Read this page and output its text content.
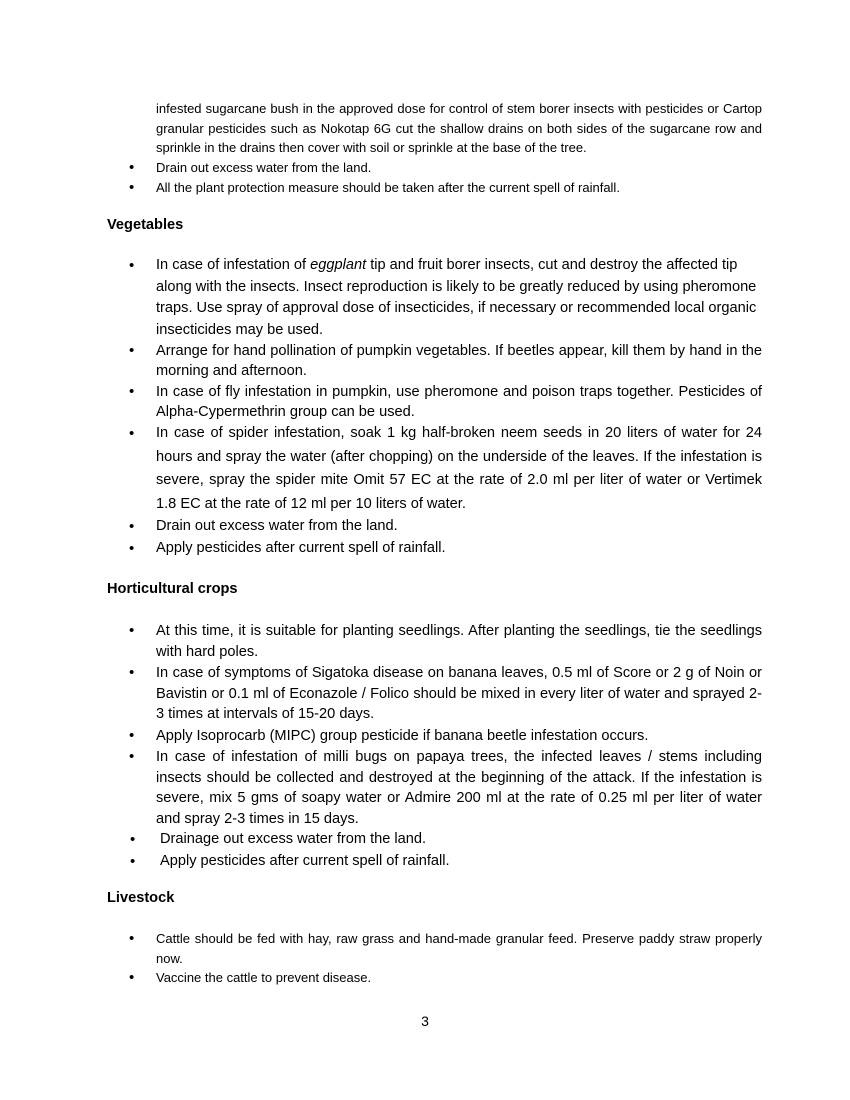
infested sugarcane bush in the approved dose for control of stem borer insects with pesticides or Cartop granular pesticides such as Nokotap 6G cut the shallow drains on both sides of the sugarcane row and sprinkle in the drains then cover with soil or sprinkle at the base of the tree.
• Drain out excess water from the land.
• All the plant protection measure should be taken after the current spell of rainfall.
Vegetables
• In case of infestation of eggplant tip and fruit borer insects, cut and destroy the affected tip along with the insects. Insect reproduction is likely to be greatly reduced by using pheromone traps. Use spray of approval dose of insecticides, if necessary or recommended local organic insecticides may be used.
• Arrange for hand pollination of pumpkin vegetables. If beetles appear, kill them by hand in the morning and afternoon.
• In case of fly infestation in pumpkin, use pheromone and poison traps together. Pesticides of Alpha-Cypermethrin group can be used.
• In case of spider infestation, soak 1 kg half-broken neem seeds in 20 liters of water for 24 hours and spray the water (after chopping) on the underside of the leaves. If the infestation is severe, spray the spider mite Omit 57 EC at the rate of 2.0 ml per liter of water or Vertimek 1.8 EC at the rate of 12 ml per 10 liters of water.
• Drain out excess water from the land.
• Apply pesticides after current spell of rainfall.
Horticultural crops
• At this time, it is suitable for planting seedlings. After planting the seedlings, tie the seedlings with hard poles.
• In case of symptoms of Sigatoka disease on banana leaves, 0.5 ml of Score or 2 g of Noin or Bavistin or 0.1 ml of Econazole / Folico should be mixed in every liter of water and sprayed 2-3 times at intervals of 15-20 days.
• Apply Isoprocarb (MIPC) group pesticide if banana beetle infestation occurs.
• In case of infestation of milli bugs on papaya trees, the infected leaves / stems including insects should be collected and destroyed at the beginning of the attack. If the infestation is severe, mix 5 gms of soapy water or Admire 200 ml at the rate of 0.25 ml per liter of water and spray 2-3 times in 15 days.
• Drainage out excess water from the land.
• Apply pesticides after current spell of rainfall.
Livestock
• Cattle should be fed with hay, raw grass and hand-made granular feed. Preserve paddy straw properly now.
• Vaccine the cattle to prevent disease.
3
